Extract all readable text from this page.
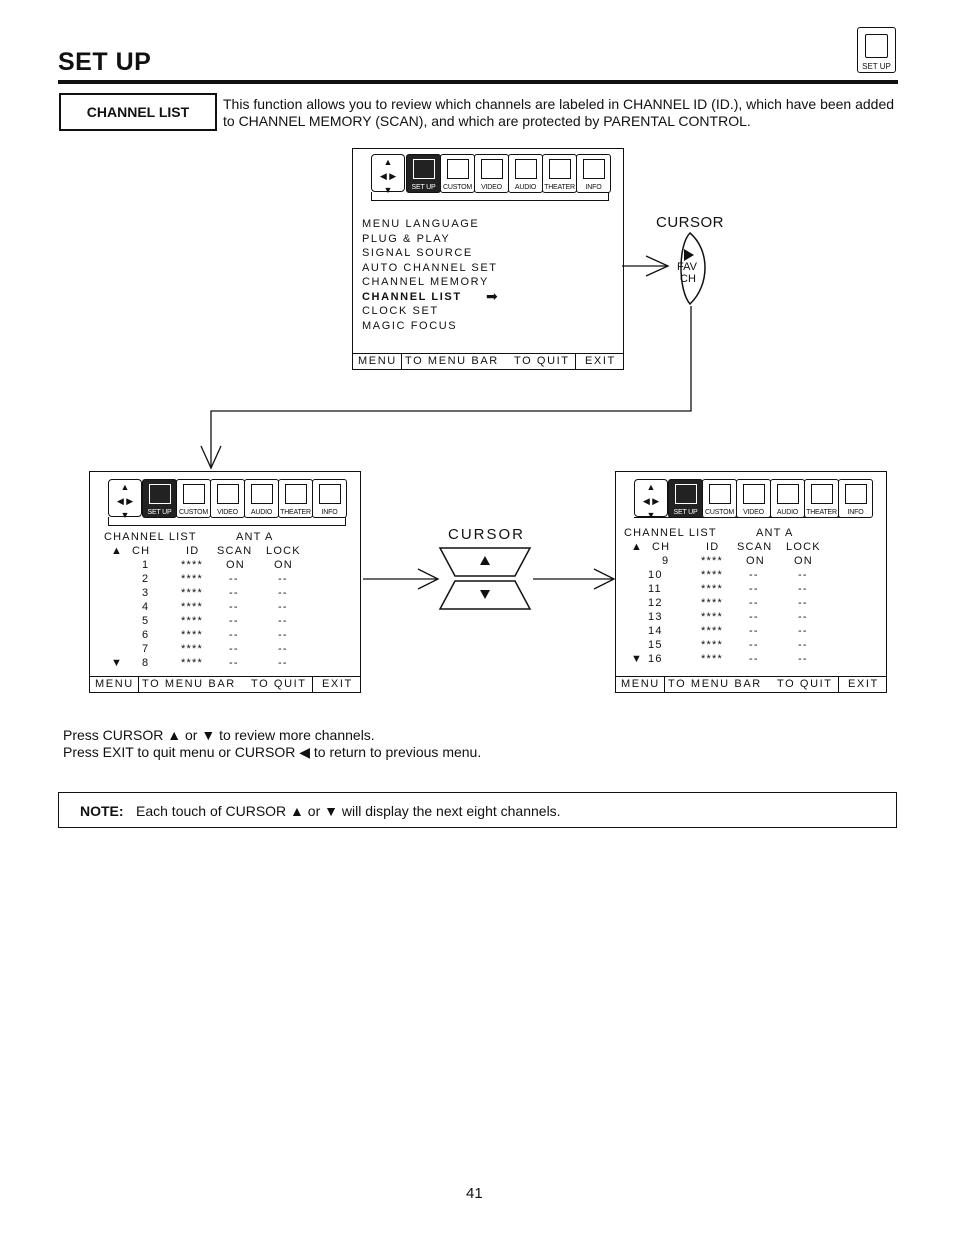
SET UP	SET UP
CHANNEL LIST	This function allows you to review which channels are labeled in CHANNEL ID (ID.), which have been added to CHANNEL MEMORY (SCAN), and which are protected by PARENTAL CONTROL.
▲
◀ ▶
▼	SET UP	CUSTOM	VIDEO	AUDIO	THEATER	INFO
MENU TO MENU BAR TO QUIT EXIT
MENU LANGUAGE
PLUG & PLAY
SIGNAL SOURCE
AUTO CHANNEL SET
CHANNEL MEMORY
CHANNEL LIST ➡
CLOCK SET
MAGIC FOCUS
CURSOR
FAV
CH
CURSOR
▲
◀ ▶
▼	SET UP	CUSTOM	VIDEO	AUDIO	THEATER	INFO
CHANNEL LIST	ANT A
▲ CH	ID SCAN LOCK
1	**** ON	ON
2	**** --	--
3	**** --	--
4	**** --	--
5	**** --	--
6	**** --	--
7	**** --	--
8	**** --	--
▼
MENU TO MENU BAR TO QUIT EXIT
▲
◀ ▶
▼	SET UP	CUSTOM	VIDEO	AUDIO	THEATER	INFO
CHANNEL LIST	ANT A
▲ CH	ID SCAN LOCK
9	**** ON	ON
10	**** --	--
11	**** --	--
12	**** --	--
13	**** --	--
14	**** --	--
15	**** --	--
16	**** --	--
▼
MENU TO MENU BAR TO QUIT EXIT
Press CURSOR ▲ or ▼ to review more channels.
Press EXIT to quit menu or CURSOR ◀ to return to previous menu.
NOTE: Each touch of CURSOR ▲ or ▼ will display the next eight channels.
41
